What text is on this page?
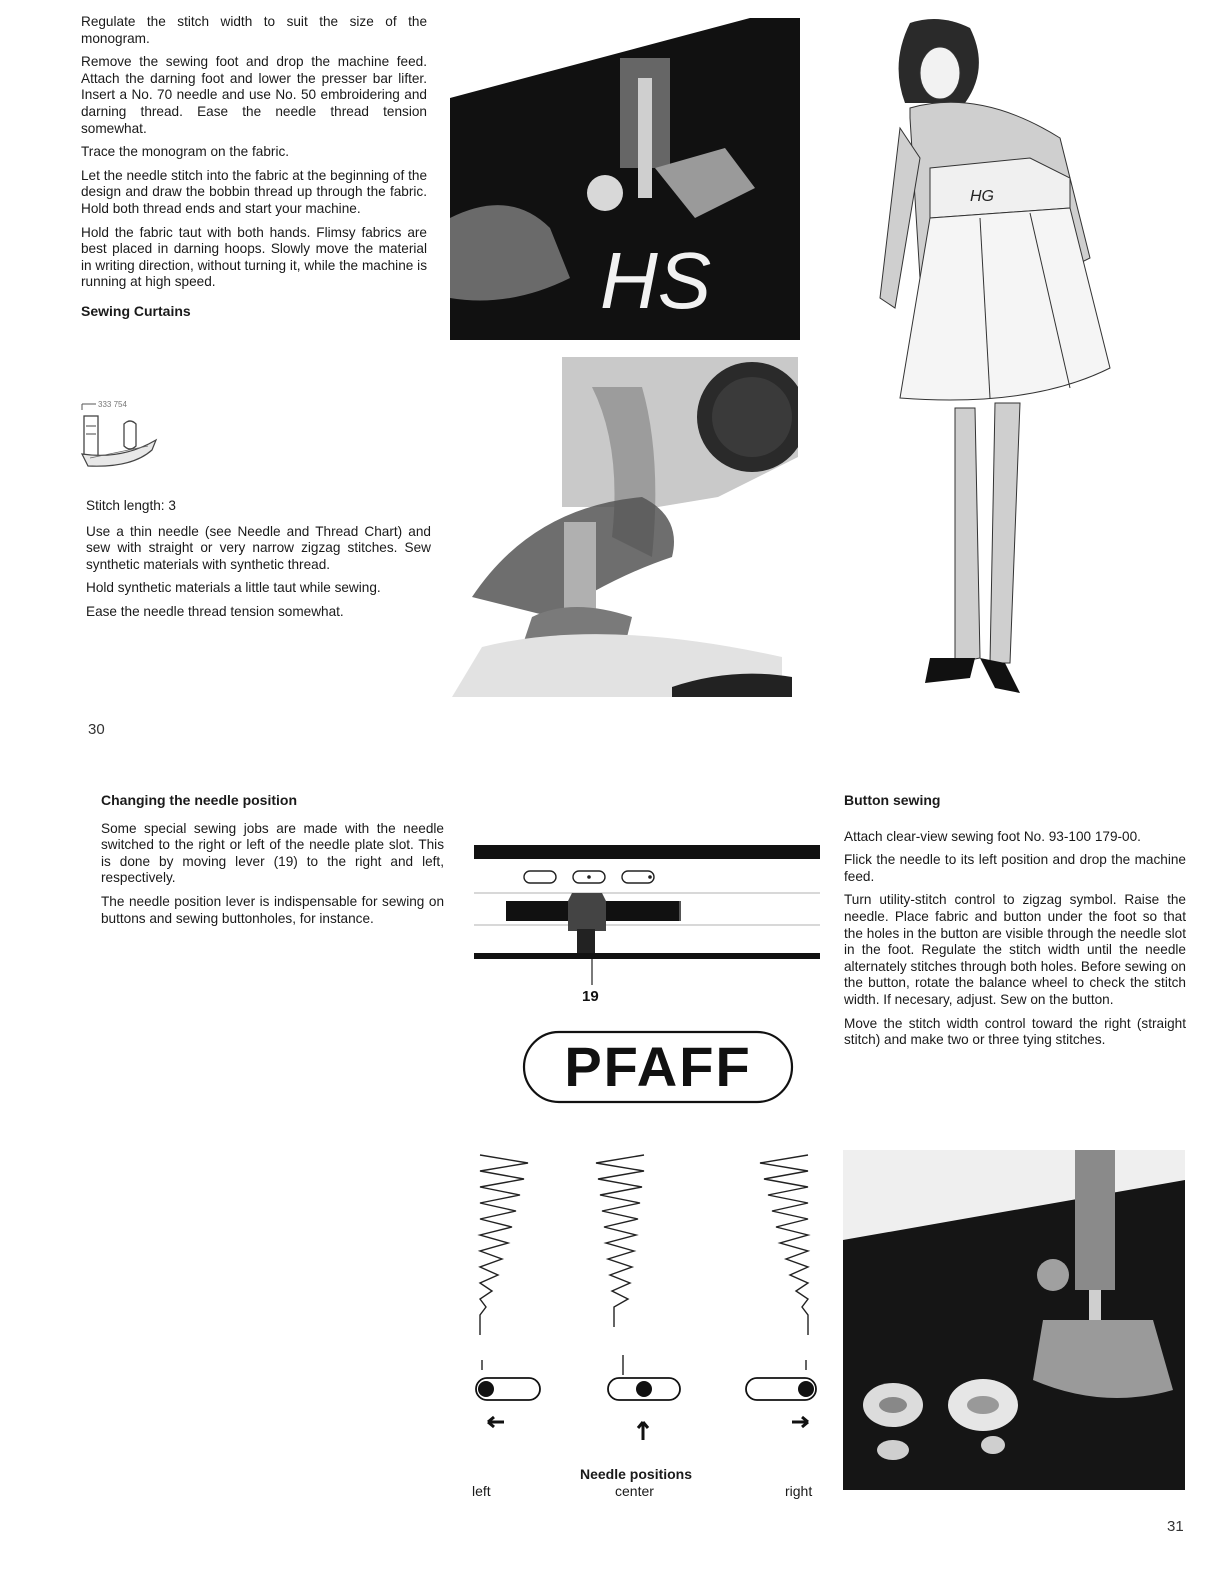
Regulate the stitch width to suit the size of the monogram.

Remove the sewing foot and drop the machine feed. Attach the darning foot and lower the presser bar lifter. Insert a No. 70 needle and use No. 50 embroidering and darning thread. Ease the needle thread tension somewhat.

Trace the monogram on the fabric.

Let the needle stitch into the fabric at the beginning of the design and draw the bobbin thread up through the fabric. Hold both thread ends and start your machine.

Hold the fabric taut with both hands. Flimsy fabrics are best placed in darning hoops. Slowly move the material in writing direction, without turning it, while the machine is running at high speed.

Sewing Curtains
333 754

Stitch length: 3

Use a thin needle (see Needle and Thread Chart) and sew with straight or very narrow zigzag stitches. Sew synthetic materials with synthetic thread.

Hold synthetic materials a little taut while sewing.

Ease the needle thread tension somewhat.

HS
HG
30
Changing the needle position

Some special sewing jobs are made with the needle switched to the right or left of the needle plate slot. This is done by moving lever (19) to the right and left, respectively.

The needle position lever is indispensable for sewing on buttons and sewing buttonholes, for instance.

19
PFAFF
Needle positions
left	center	right
Button sewing

Attach clear-view sewing foot No. 93-100 179-00.

Flick the needle to its left position and drop the machine feed.

Turn utility-stitch control to zigzag symbol. Raise the needle. Place fabric and button under the foot so that the holes in the button are visible through the needle slot in the foot. Regulate the stitch width until the needle alternately stitches through both holes. Before sewing on the button, rotate the balance wheel to check the stitch width. If necesary, adjust. Sew on the button.

Move the stitch width control toward the right (straight stitch) and make two or three tying stitches.

31
